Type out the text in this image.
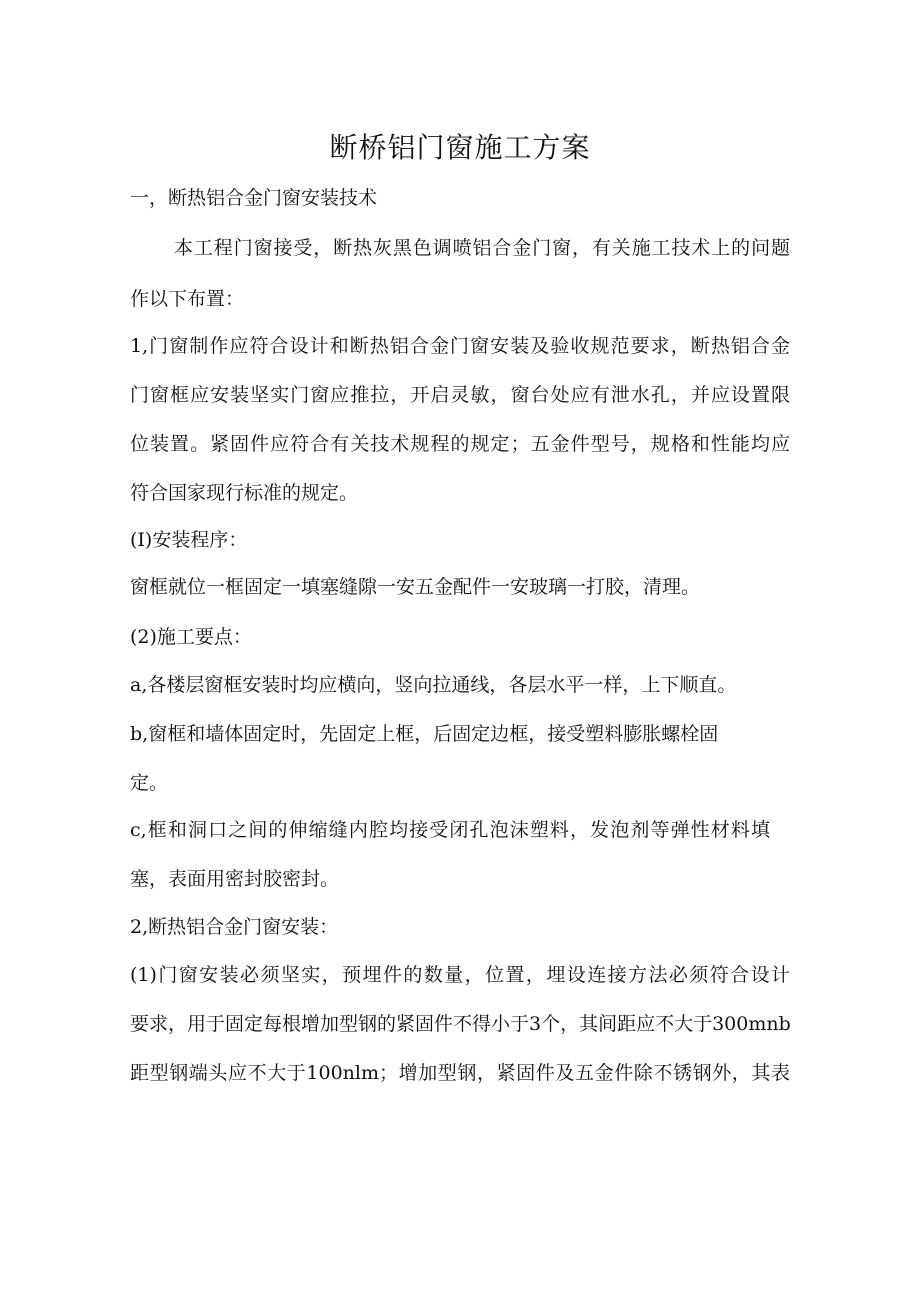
断桥铝门窗施工方案
一，断热铝合金门窗安装技术
本工程门窗接受，断热灰黑色调喷铝合金门窗，有关施工技术上的问题
作以下布置：
1,门窗制作应符合设计和断热铝合金门窗安装及验收规范要求，断热铝合金
门窗框应安装坚实门窗应推拉，开启灵敏，窗台处应有泄水孔，并应设置限
位装置。紧固件应符合有关技术规程的规定；五金件型号，规格和性能均应
符合国家现行标准的规定。
(I)安装程序：
窗框就位一框固定一填塞缝隙一安五金配件一安玻璃一打胶，清理。
(2)施工要点：
a,各楼层窗框安装时均应横向，竖向拉通线，各层水平一样，上下顺直。
b,窗框和墙体固定时，先固定上框，后固定边框，接受塑料膨胀螺栓固
定。
c,框和洞口之间的伸缩缝内腔均接受闭孔泡沫塑料，发泡剂等弹性材料填
塞，表面用密封胶密封。
2,断热铝合金门窗安装：
(1)门窗安装必须坚实，预埋件的数量，位置，埋设连接方法必须符合设计
要求，用于固定每根增加型钢的紧固件不得小于3个，其间距应不大于300mnb
距型钢端头应不大于100nlm；增加型钢，紧固件及五金件除不锈钢外，其表
